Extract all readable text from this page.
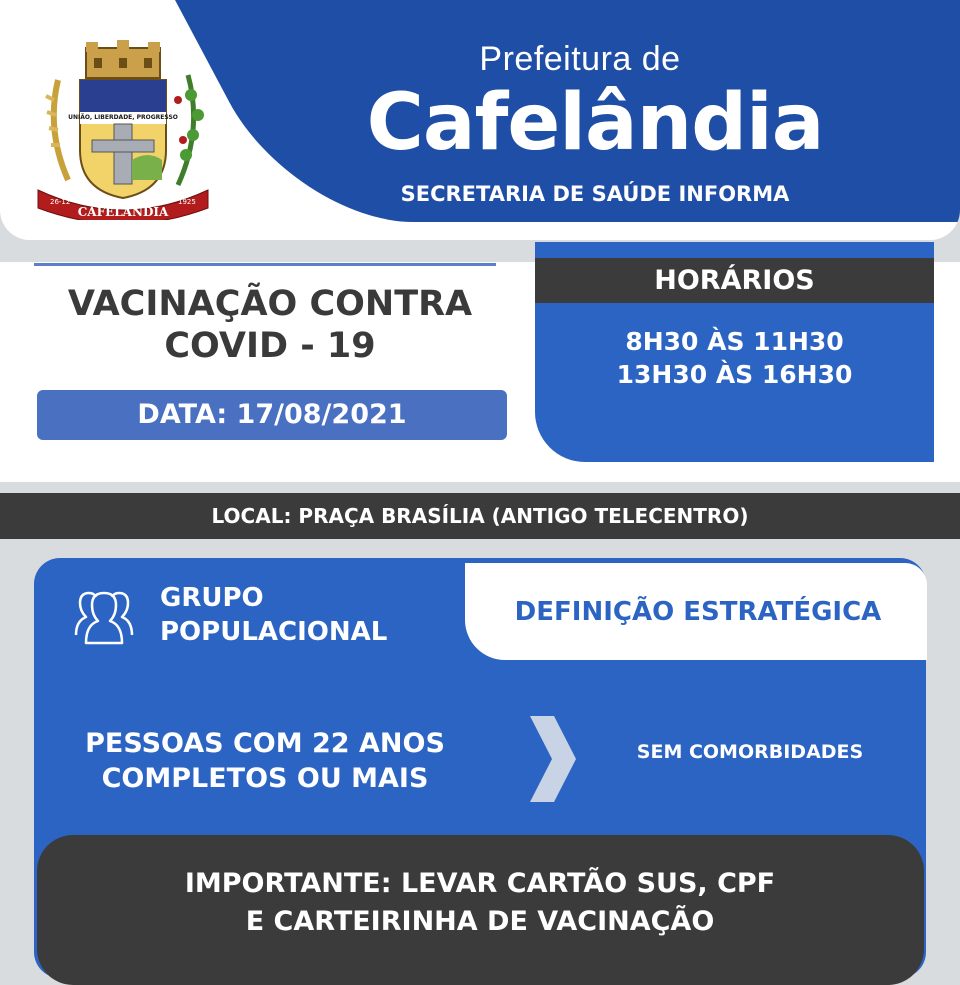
UNIÃO, LIBERDADE, PROGRESSO
CAFELANDIA
26-12	1925
Prefeitura de
Cafelândia
SECRETARIA DE SAÚDE INFORMA
VACINAÇÃO CONTRA
COVID - 19
DATA: 17/08/2021
HORÁRIOS
8H30 ÀS 11H30
13H30 ÀS 16H30
LOCAL: PRAÇA BRASÍLIA (ANTIGO TELECENTRO)
DEFINIÇÃO ESTRATÉGICA
GRUPO
POPULACIONAL
PESSOAS COM 22 ANOS
COMPLETOS OU MAIS
SEM COMORBIDADES
IMPORTANTE: LEVAR CARTÃO SUS, CPF
E CARTEIRINHA DE VACINAÇÃO
